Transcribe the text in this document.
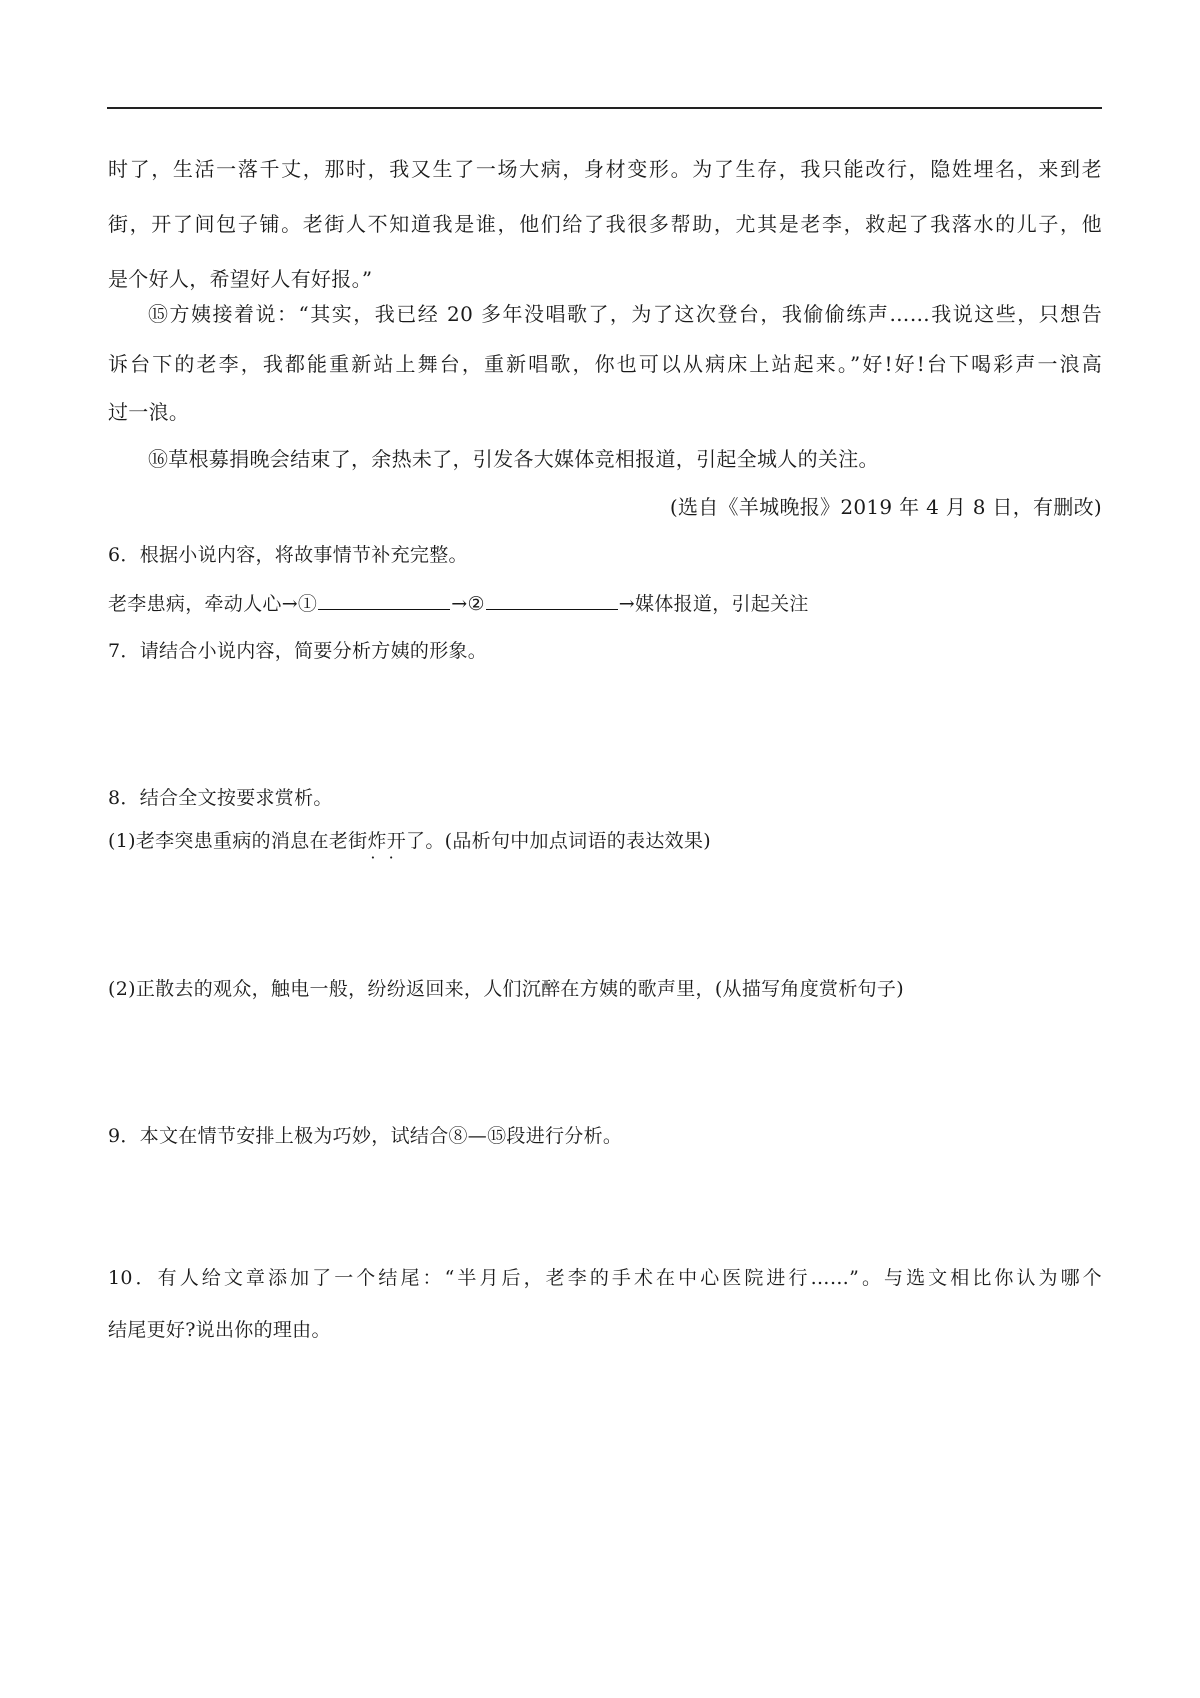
时了，生活一落千丈，那时，我又生了一场大病，身材变形。为了生存，我只能改行，隐姓埋名，来到老
街，开了间包子铺。老街人不知道我是谁，他们给了我很多帮助，尤其是老李，救起了我落水的儿子，他
是个好人，希望好人有好报。”
⑮方姨接着说：“其实，我已经 20 多年没唱歌了，为了这次登台，我偷偷练声……我说这些，只想告
诉台下的老李，我都能重新站上舞台，重新唱歌，你也可以从病床上站起来。”好!好!台下喝彩声一浪高
过一浪。
⑯草根募捐晚会结束了，余热未了，引发各大媒体竞相报道，引起全城人的关注。
(选自《羊城晚报》2019 年 4 月 8 日，有删改)
6．根据小说内容，将故事情节补充完整。
老李患病，牵动人心→①	→②	→媒体报道，引起关注
7．请结合小说内容，简要分析方姨的形象。
8．结合全文按要求赏析。
(1)老李突患重病的消息在老街炸开 · ·了。(品析句中加点词语的表达效果)
(2)正散去的观众，触电一般，纷纷返回来，人们沉醉在方姨的歌声里，(从描写角度赏析句子)
9．本文在情节安排上极为巧妙，试结合⑧—⑮段进行分析。
10．有人给文章添加了一个结尾：“半月后，老李的手术在中心医院进行……”。与选文相比你认为哪个
结尾更好?说出你的理由。
